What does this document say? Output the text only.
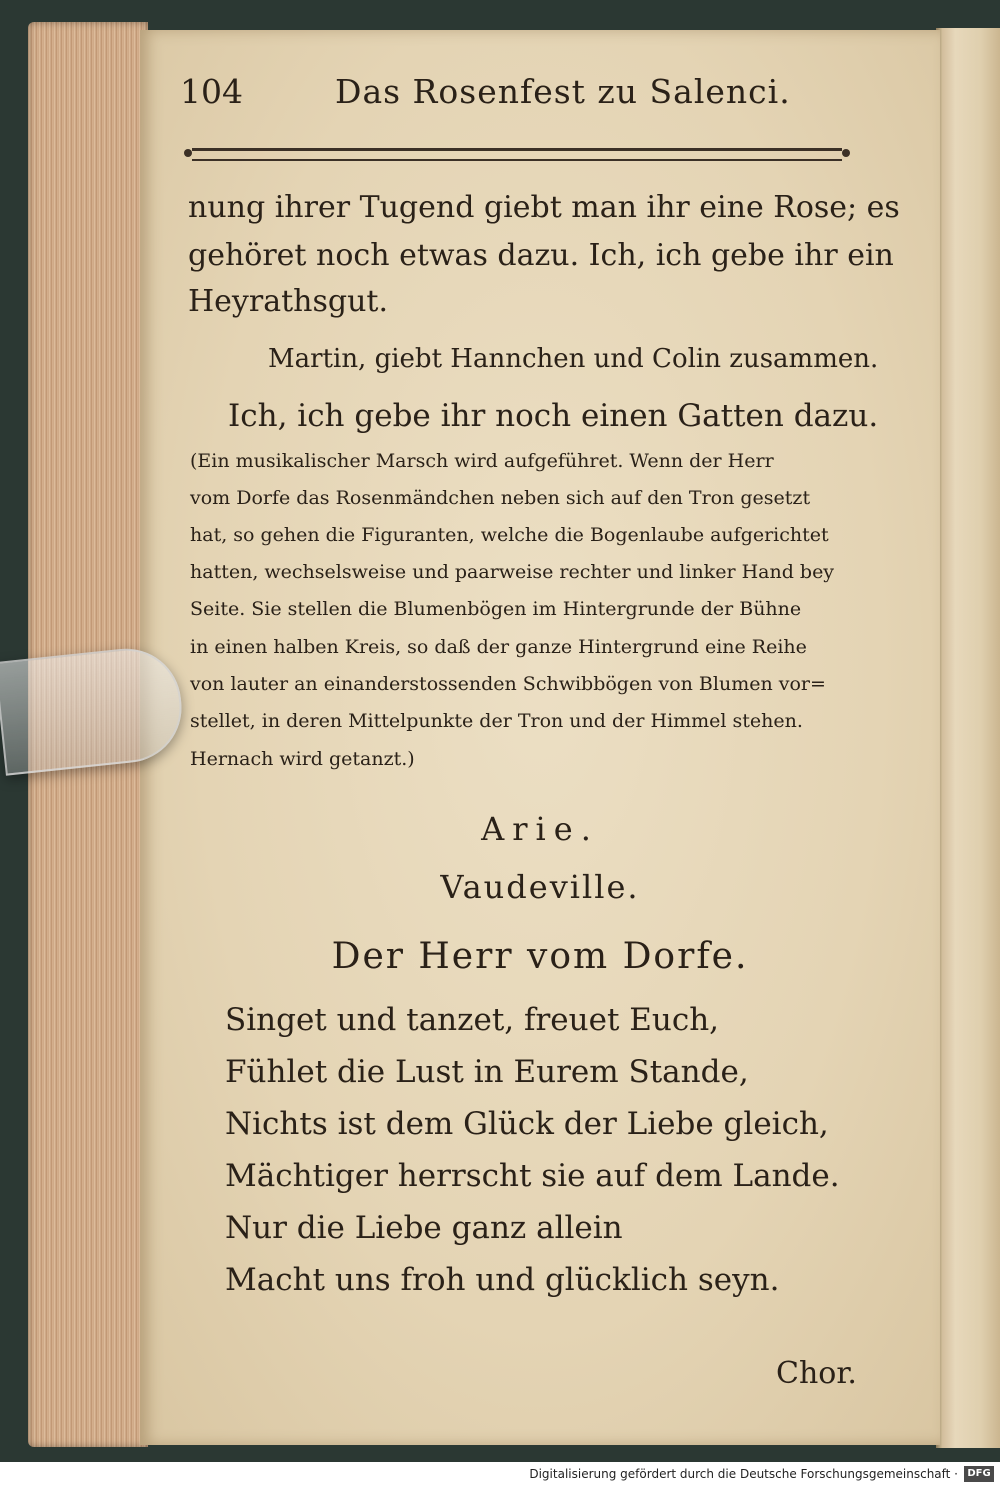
104	Das Rosenfest zu Salenci.
nung ihrer Tugend giebt man ihr eine Rose; es
gehöret noch etwas dazu. Ich, ich gebe ihr ein
Heyrathsgut.
Martin, giebt Hannchen und Colin zusammen.
Ich, ich gebe ihr noch einen Gatten dazu.
(Ein musikalischer Marsch wird aufgeführet. Wenn der Herr
vom Dorfe das Rosenmändchen neben sich auf den Tron gesetzt
hat, so gehen die Figuranten, welche die Bogenlaube aufgerichtet
hatten, wechselsweise und paarweise rechter und linker Hand bey
Seite. Sie stellen die Blumenbögen im Hintergrunde der Bühne
in einen halben Kreis, so daß der ganze Hintergrund eine Reihe
von lauter an einanderstossenden Schwibbögen von Blumen vor=
stellet, in deren Mittelpunkte der Tron und der Himmel stehen.
Hernach wird getanzt.)
Arie.
Vaudeville.
Der Herr vom Dorfe.
Singet und tanzet, freuet Euch,
Fühlet die Lust in Eurem Stande,
Nichts ist dem Glück der Liebe gleich,
Mächtiger herrscht sie auf dem Lande.
Nur die Liebe ganz allein
Macht uns froh und glücklich seyn.
Chor.
Digitalisierung gefördert durch die Deutsche Forschungsgemeinschaft · DFG
